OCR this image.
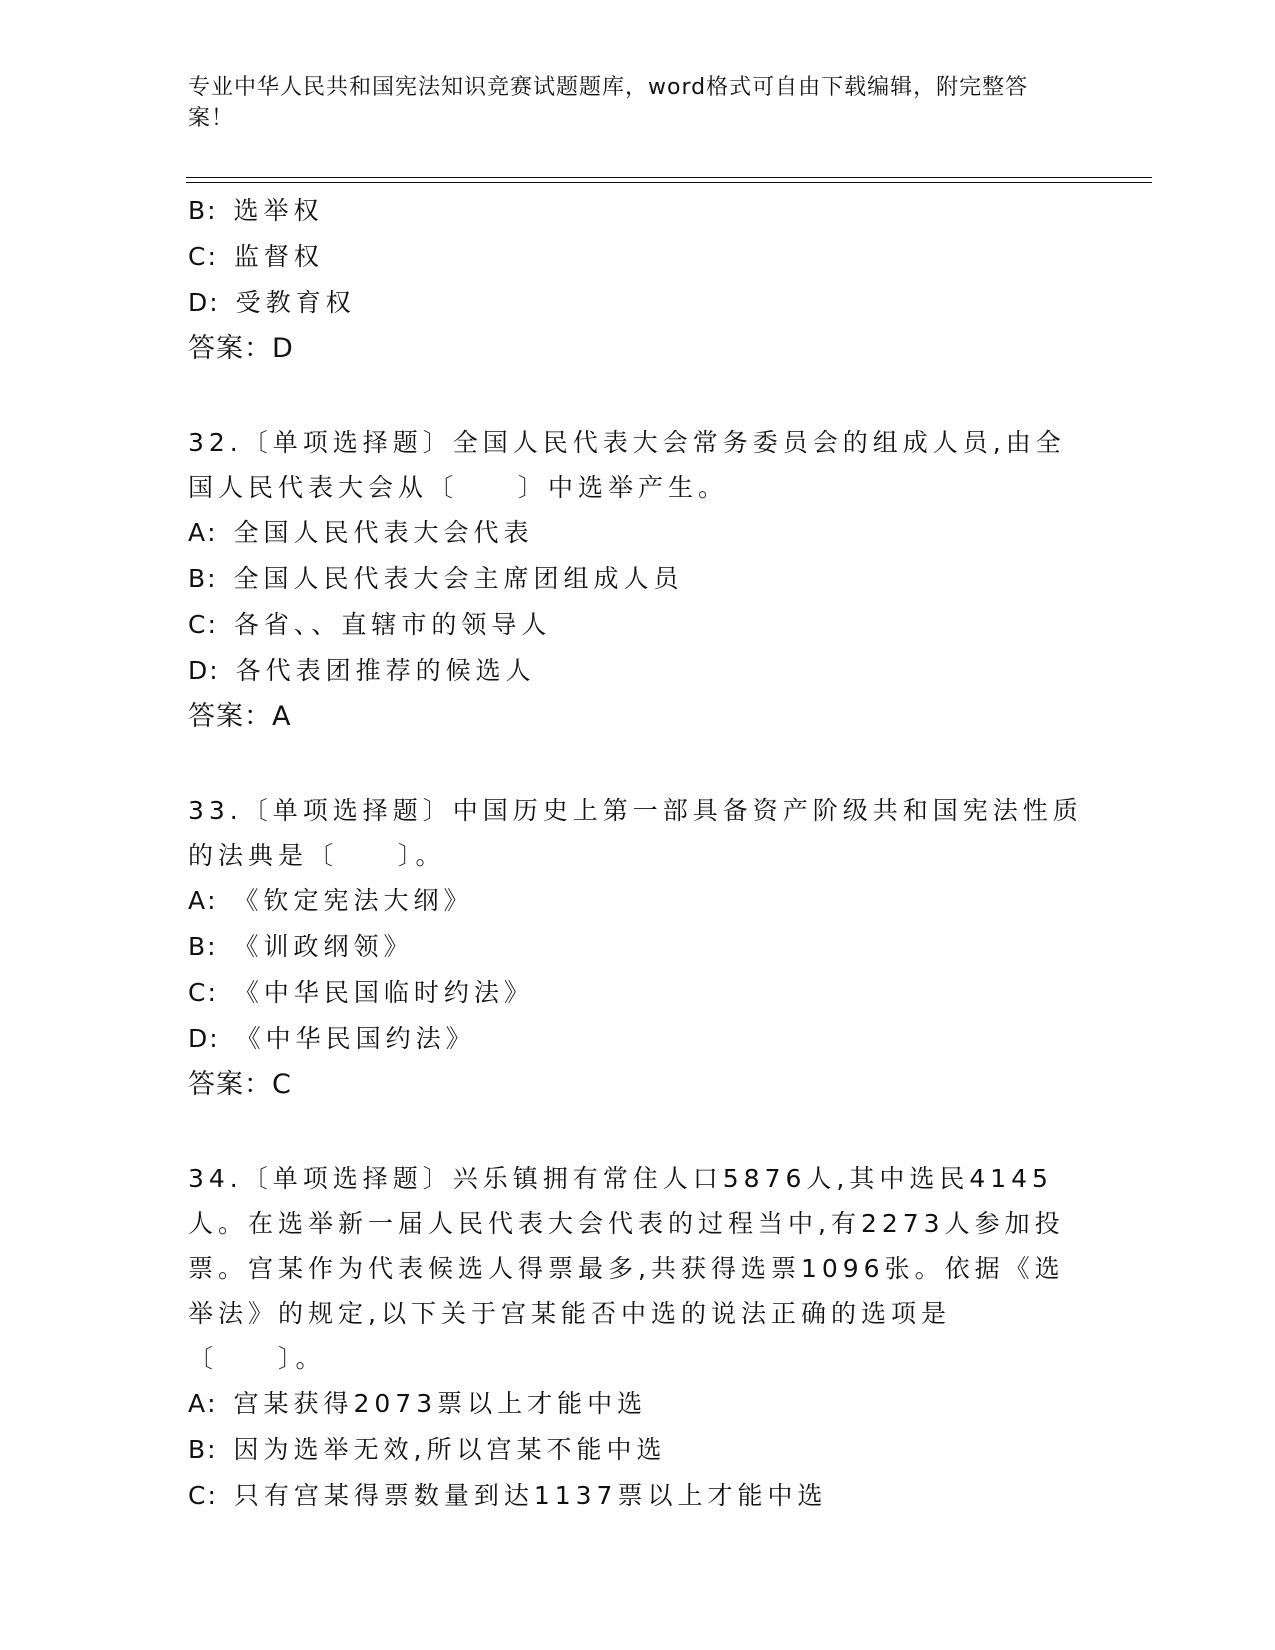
专业中华人民共和国宪法知识竞赛试题题库，word格式可自由下载编辑，附完整答案！
B: 选举权
C: 监督权
D: 受教育权
答案：D
32.〔单项选择题〕全国人民代表大会常务委员会的组成人员,由全国人民代表大会从〔　　〕中选举产生。
A: 全国人民代表大会代表
B: 全国人民代表大会主席团组成人员
C: 各省、、直辖市的领导人
D: 各代表团推荐的候选人
答案：A
33.〔单项选择题〕中国历史上第一部具备资产阶级共和国宪法性质的法典是〔　　〕。
A: 《钦定宪法大纲》
B: 《训政纲领》
C: 《中华民国临时约法》
D: 《中华民国约法》
答案：C
34.〔单项选择题〕兴乐镇拥有常住人口5876人,其中选民4145人。在选举新一届人民代表大会代表的过程当中,有2273人参加投票。宫某作为代表候选人得票最多,共获得选票1096张。依据《选举法》的规定,以下关于宫某能否中选的说法正确的选项是〔　　〕。
A: 宫某获得2073票以上才能中选
B: 因为选举无效,所以宫某不能中选
C: 只有宫某得票数量到达1137票以上才能中选
